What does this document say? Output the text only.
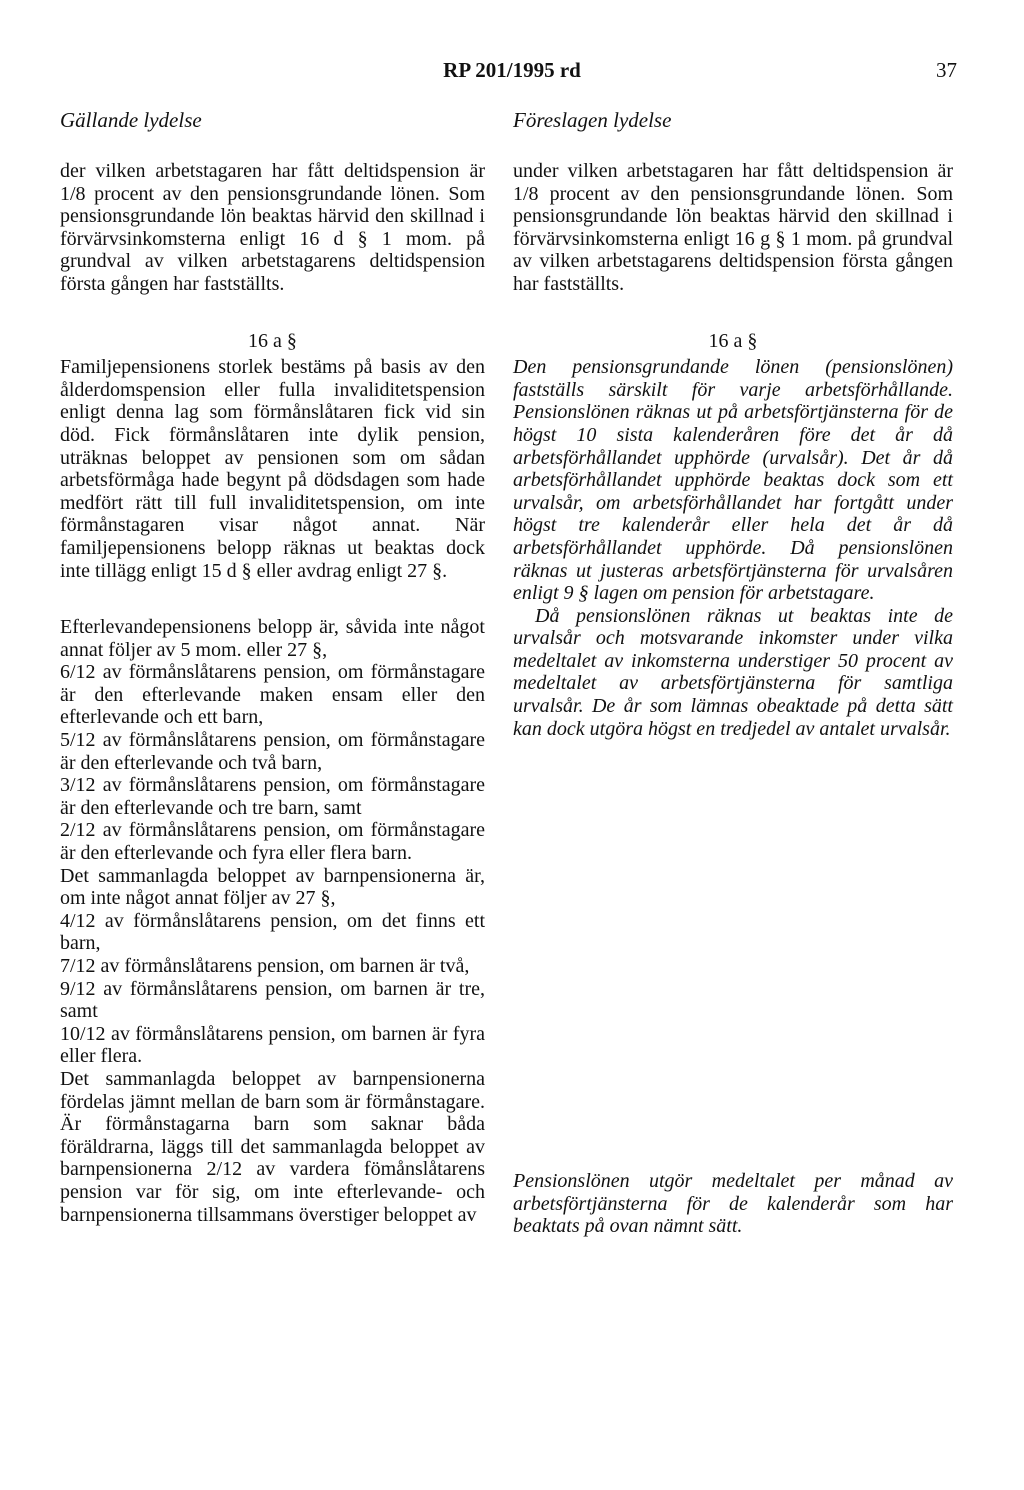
RP 201/1995 rd	37
Gällande lydelse	Föreslagen lydelse

der vilken arbetstagaren har fått deltidspension är 1/8 procent av den pensionsgrundande lönen. Som pensionsgrundande lön beaktas härvid den skillnad i förvärvsinkomsterna enligt 16 d § 1 mom. på grundval av vilken arbetstagarens deltidspension första gången har fastställts.

16 a §

Familjepensionens storlek bestäms på basis av den ålderdomspension eller fulla invaliditetspension enligt denna lag som förmånslåtaren fick vid sin död. Fick förmånslåtaren inte dylik pension, uträknas beloppet av pensionen som om sådan arbetsförmåga hade begynt på dödsdagen som hade medfört rätt till full invaliditetspension, om inte förmånstagaren visar något annat. När familjepensionens belopp räknas ut beaktas dock inte tillägg enligt 15 d § eller avdrag enligt 27 §.

Efterlevandepensionens belopp är, såvida inte något annat följer av 5 mom. eller 27 §,

6/12 av förmånslåtarens pension, om förmånstagare är den efterlevande maken ensam eller den efterlevande och ett barn,

5/12 av förmånslåtarens pension, om förmånstagare är den efterlevande och två barn,

3/12 av förmånslåtarens pension, om förmånstagare är den efterlevande och tre barn, samt

2/12 av förmånslåtarens pension, om förmånstagare är den efterlevande och fyra eller flera barn.

Det sammanlagda beloppet av barnpensionerna är, om inte något annat följer av 27 §,

4/12 av förmånslåtarens pension, om det finns ett barn,

7/12 av förmånslåtarens pension, om barnen är två,

9/12 av förmånslåtarens pension, om barnen är tre, samt

10/12 av förmånslåtarens pension, om barnen är fyra eller flera.

Det sammanlagda beloppet av barnpensionerna fördelas jämnt mellan de barn som är förmånstagare. Är förmånstagarna barn som saknar båda föräldrarna, läggs till det sammanlagda beloppet av barnpensionerna 2/12 av vardera fömånslåtarens pension var för sig, om inte efterlevande- och barnpensionerna tillsammans överstiger beloppet av

under vilken arbetstagaren har fått deltidspension är 1/8 procent av den pensionsgrundande lönen. Som pensionsgrundande lön beaktas härvid den skillnad i förvärvsinkomsterna enligt 16 g § 1 mom. på grundval av vilken arbetstagarens deltidspension första gången har fastställts.

16 a §

Den pensionsgrundande lönen (pensionslönen) fastställs särskilt för varje arbetsförhållande. Pensionslönen räknas ut på arbetsförtjänsterna för de högst 10 sista kalenderåren före det år då arbetsförhållandet upphörde (urvalsår). Det år då arbetsförhållandet upphörde beaktas dock som ett urvalsår, om arbetsförhållandet har fortgått under högst tre kalenderår eller hela det år då arbetsförhållandet upphörde. Då pensionslönen räknas ut justeras arbetsförtjänsterna för urvalsåren enligt 9 § lagen om pension för arbetstagare.

Då pensionslönen räknas ut beaktas inte de urvalsår och motsvarande inkomster under vilka medeltalet av inkomsterna understiger 50 procent av medeltalet av arbetsförtjänsterna för samtliga urvalsår. De år som lämnas obeaktade på detta sätt kan dock utgöra högst en tredjedel av antalet urvalsår.

Pensionslönen utgör medeltalet per månad av arbetsförtjänsterna för de kalenderår som har beaktats på ovan nämnt sätt.
